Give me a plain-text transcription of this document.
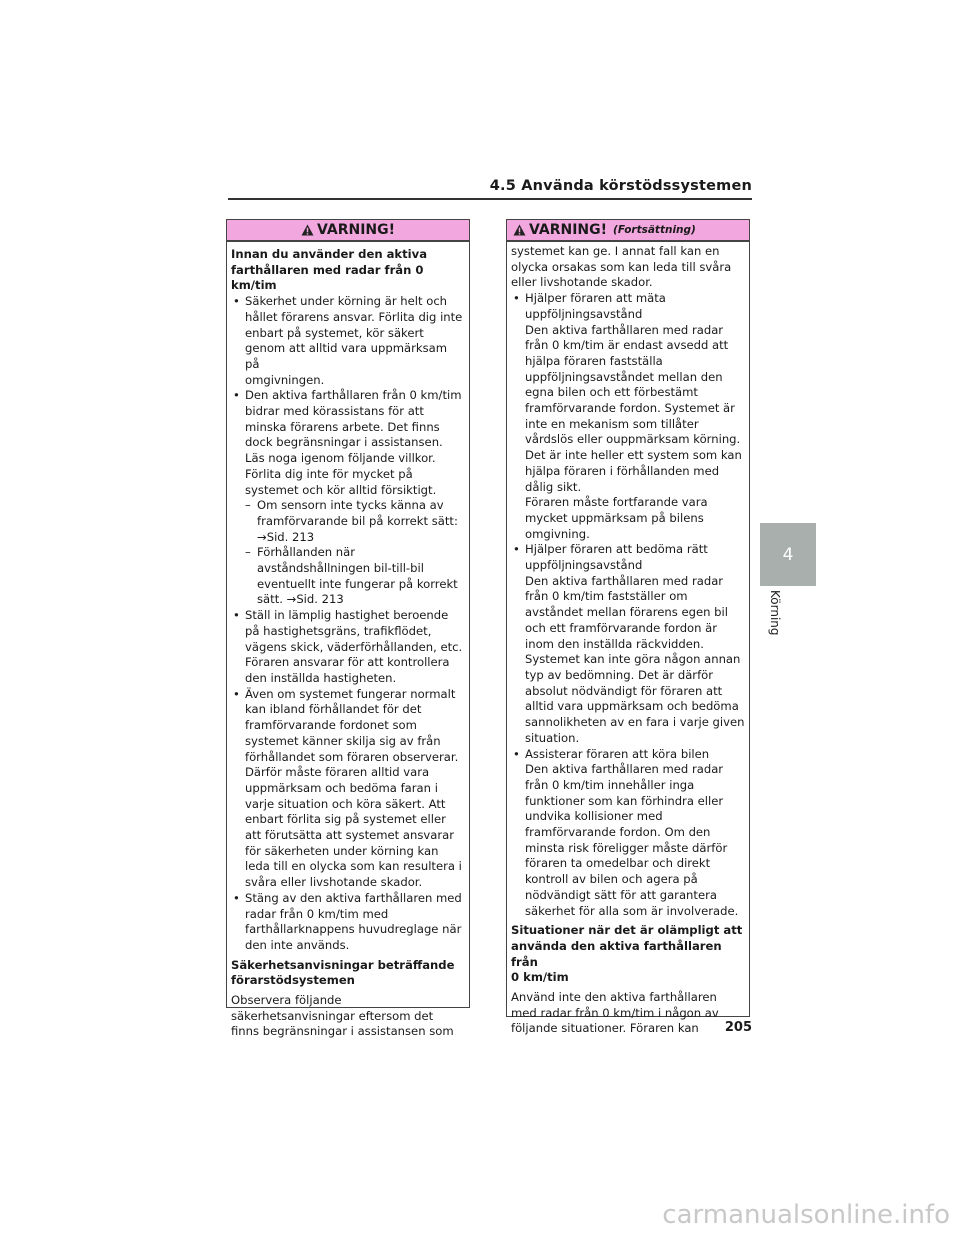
4.5 Använda körstödssystemen
VARNING!

Innan du använder den aktiva

farthållaren med radar från 0 km/tim

• Säkerhet under körning är helt och

hållet förarens ansvar. Förlita dig inte

enbart på systemet, kör säkert

genom att alltid vara uppmärksam på

omgivningen.

• Den aktiva farthållaren från 0 km/tim

bidrar med körassistans för att

minska förarens arbete. Det finns

dock begränsningar i assistansen.

Läs noga igenom följande villkor.

Förlita dig inte för mycket på

systemet och kör alltid försiktigt.

– Om sensorn inte tycks känna av

framförvarande bil på korrekt sätt:

→Sid. 213

– Förhållanden när

avståndshållningen bil-till-bil

eventuellt inte fungerar på korrekt

sätt. →Sid. 213

• Ställ in lämplig hastighet beroende

på hastighetsgräns, trafikflödet,

vägens skick, väderförhållanden, etc.

Föraren ansvarar för att kontrollera

den inställda hastigheten.

• Även om systemet fungerar normalt

kan ibland förhållandet för det

framförvarande fordonet som

systemet känner skilja sig av från

förhållandet som föraren observerar.

Därför måste föraren alltid vara

uppmärksam och bedöma faran i

varje situation och köra säkert. Att

enbart förlita sig på systemet eller

att förutsätta att systemet ansvarar

för säkerheten under körning kan

leda till en olycka som kan resultera i

svåra eller livshotande skador.

• Stäng av den aktiva farthållaren med

radar från 0 km/tim med

farthållarknappens huvudreglage när

den inte används.

Säkerhetsanvisningar beträffande

förarstödsystemen

Observera följande

säkerhetsanvisningar eftersom det

finns begränsningar i assistansen som

VARNING! (Fortsättning)

systemet kan ge. I annat fall kan en

olycka orsakas som kan leda till svåra

eller livshotande skador.

• Hjälper föraren att mäta

uppföljningsavstånd

Den aktiva farthållaren med radar

från 0 km/tim är endast avsedd att

hjälpa föraren fastställa

uppföljningsavståndet mellan den

egna bilen och ett förbestämt

framförvarande fordon. Systemet är

inte en mekanism som tillåter

vårdslös eller ouppmärksam körning.

Det är inte heller ett system som kan

hjälpa föraren i förhållanden med

dålig sikt.

Föraren måste fortfarande vara

mycket uppmärksam på bilens

omgivning.

• Hjälper föraren att bedöma rätt

uppföljningsavstånd

Den aktiva farthållaren med radar

från 0 km/tim fastställer om

avståndet mellan förarens egen bil

och ett framförvarande fordon är

inom den inställda räckvidden.

Systemet kan inte göra någon annan

typ av bedömning. Det är därför

absolut nödvändigt för föraren att

alltid vara uppmärksam och bedöma

sannolikheten av en fara i varje given

situation.

• Assisterar föraren att köra bilen

Den aktiva farthållaren med radar

från 0 km/tim innehåller inga

funktioner som kan förhindra eller

undvika kollisioner med

framförvarande fordon. Om den

minsta risk föreligger måste därför

föraren ta omedelbar och direkt

kontroll av bilen och agera på

nödvändigt sätt för att garantera

säkerhet för alla som är involverade.

Situationer när det är olämpligt att

använda den aktiva farthållaren från

0 km/tim

Använd inte den aktiva farthållaren

med radar från 0 km/tim i någon av

följande situationer. Föraren kan

4
Körning
205
carmanualsonline.info
